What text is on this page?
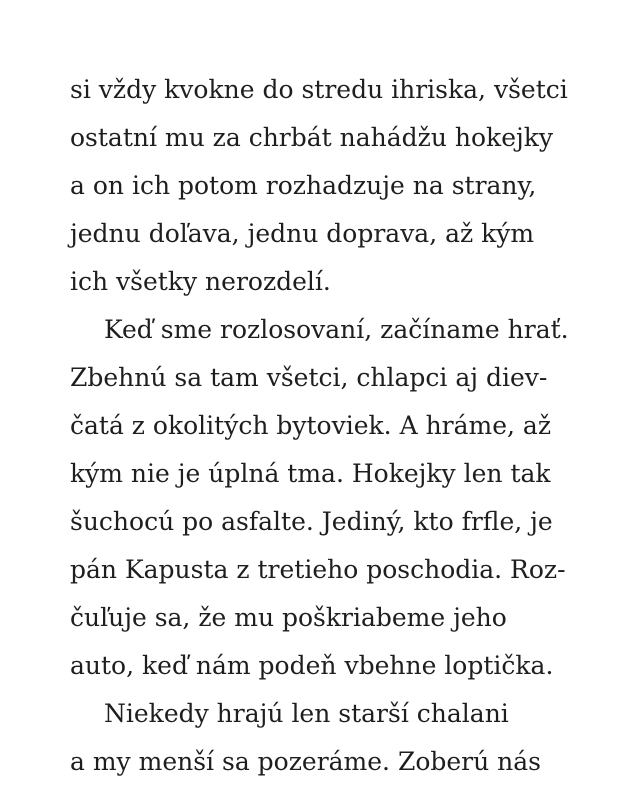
si vždy kvokne do stredu ihriska, všetci
ostatní mu za chrbát nahádžu hokejky
a on ich potom rozhadzuje na strany,
jednu doľava, jednu doprava, až kým
ich všetky nerozdelí.
Keď sme rozlosovaní, začíname hrať.
Zbehnú sa tam všetci, chlapci aj diev-
čatá z okolitých bytoviek. A hráme, až
kým nie je úplná tma. Hokejky len tak
šuchocú po asfalte. Jediný, kto frfle, je
pán Kapusta z tretieho poschodia. Roz-
čuľuje sa, že mu poškriabeme jeho
auto, keď nám podeň vbehne loptička.
Niekedy hrajú len starší chalani
a my menší sa pozeráme. Zoberú nás
